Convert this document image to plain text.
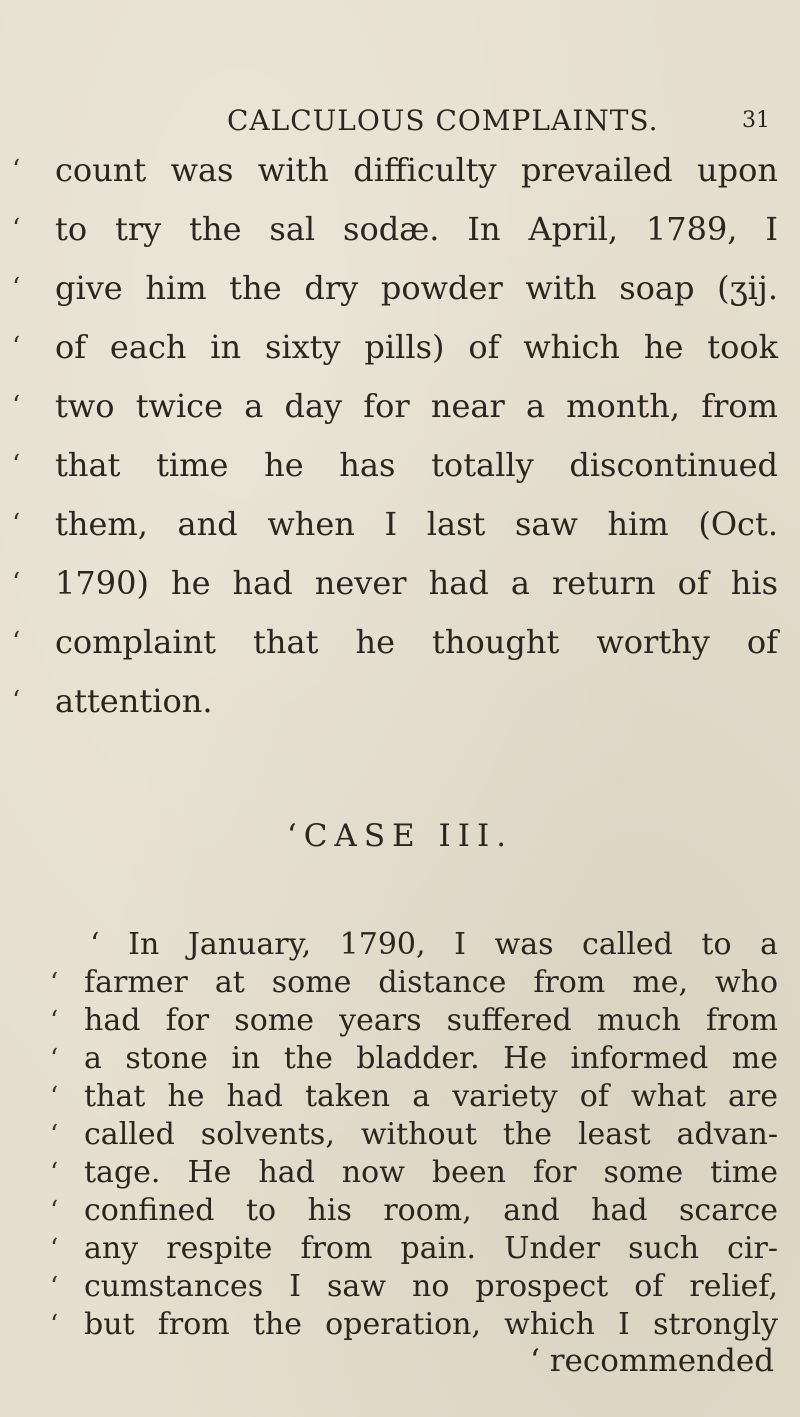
CALCULOUS COMPLAINTS.	31
‘ count was with difficulty prevailed upon
‘ to try the sal sodæ. In April, 1789, I
‘ give him the dry powder with soap (ʒij.
‘ of each in sixty pills) of which he took
‘ two twice a day for near a month, from
‘ that time he has totally discontinued
‘ them, and when I last saw him (Oct.
‘ 1790) he had never had a return of his
‘ complaint that he thought worthy of
‘ attention.
‘CASE III.
‘ In January, 1790, I was called to a
‘ farmer at some distance from me, who
‘ had for some years suffered much from
‘ a stone in the bladder. He informed me
‘ that he had taken a variety of what are
‘ called solvents, without the least advan-
‘ tage. He had now been for some time
‘ confined to his room, and had scarce
‘ any respite from pain. Under such cir-
‘ cumstances I saw no prospect of relief,
‘ but from the operation, which I strongly
‘ recommended
